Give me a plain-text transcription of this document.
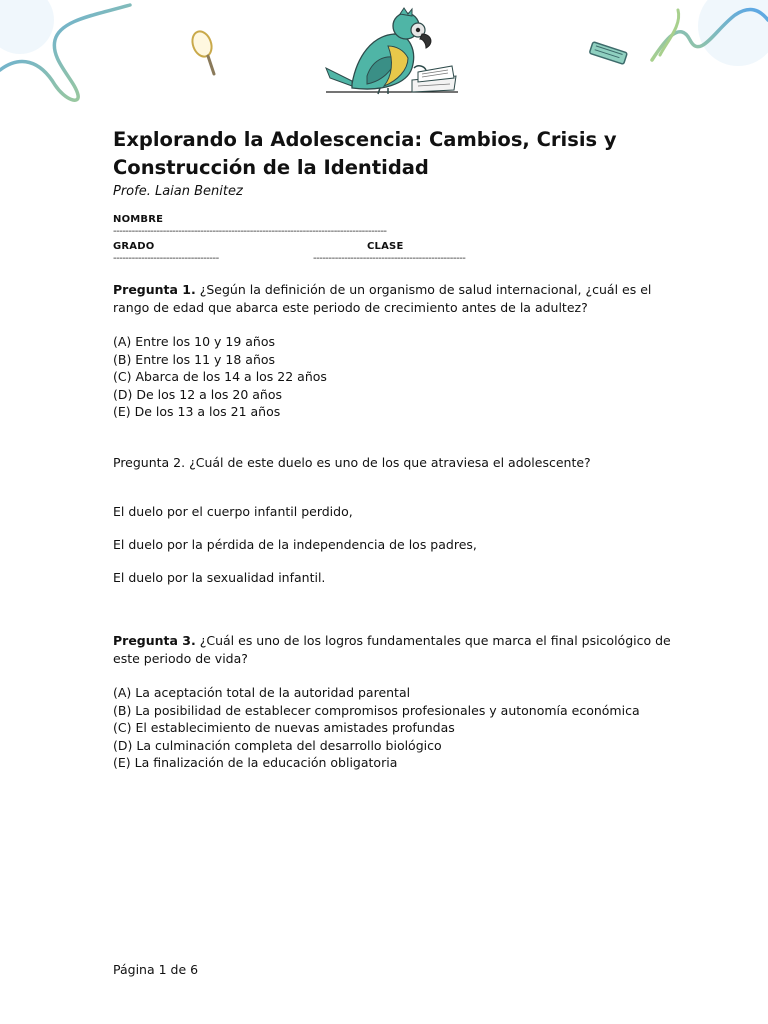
Explorando la Adolescencia: Cambios, Crisis y
Construcción de la Identidad
Profe. Laian Benitez
NOMBRE
----------------------------------------------------------------------------------------
GRADO
----------------------------------
CLASE
-------------------------------------------------

Pregunta 1. ¿Según la definición de un organismo de salud internacional, ¿cuál es el rango de edad que abarca este periodo de crecimiento antes de la adultez?

(A) Entre los 10 y 19 años

(B) Entre los 11 y 18 años

(C) Abarca de los 14 a los 22 años

(D) De los 12 a los 20 años

(E) De los 13 a los 21 años

Pregunta 2. ¿Cuál de este duelo es uno de los que atraviesa el adolescente?

El duelo por el cuerpo infantil perdido,

El duelo por la pérdida de la independencia de los padres,

El duelo por la sexualidad infantil.

Pregunta 3. ¿Cuál es uno de los logros fundamentales que marca el final psicológico de este periodo de vida?

(A) La aceptación total de la autoridad parental

(B) La posibilidad de establecer compromisos profesionales y autonomía económica

(C) El establecimiento de nuevas amistades profundas

(D) La culminación completa del desarrollo biológico

(E) La finalización de la educación obligatoria

Página 1 de 6
